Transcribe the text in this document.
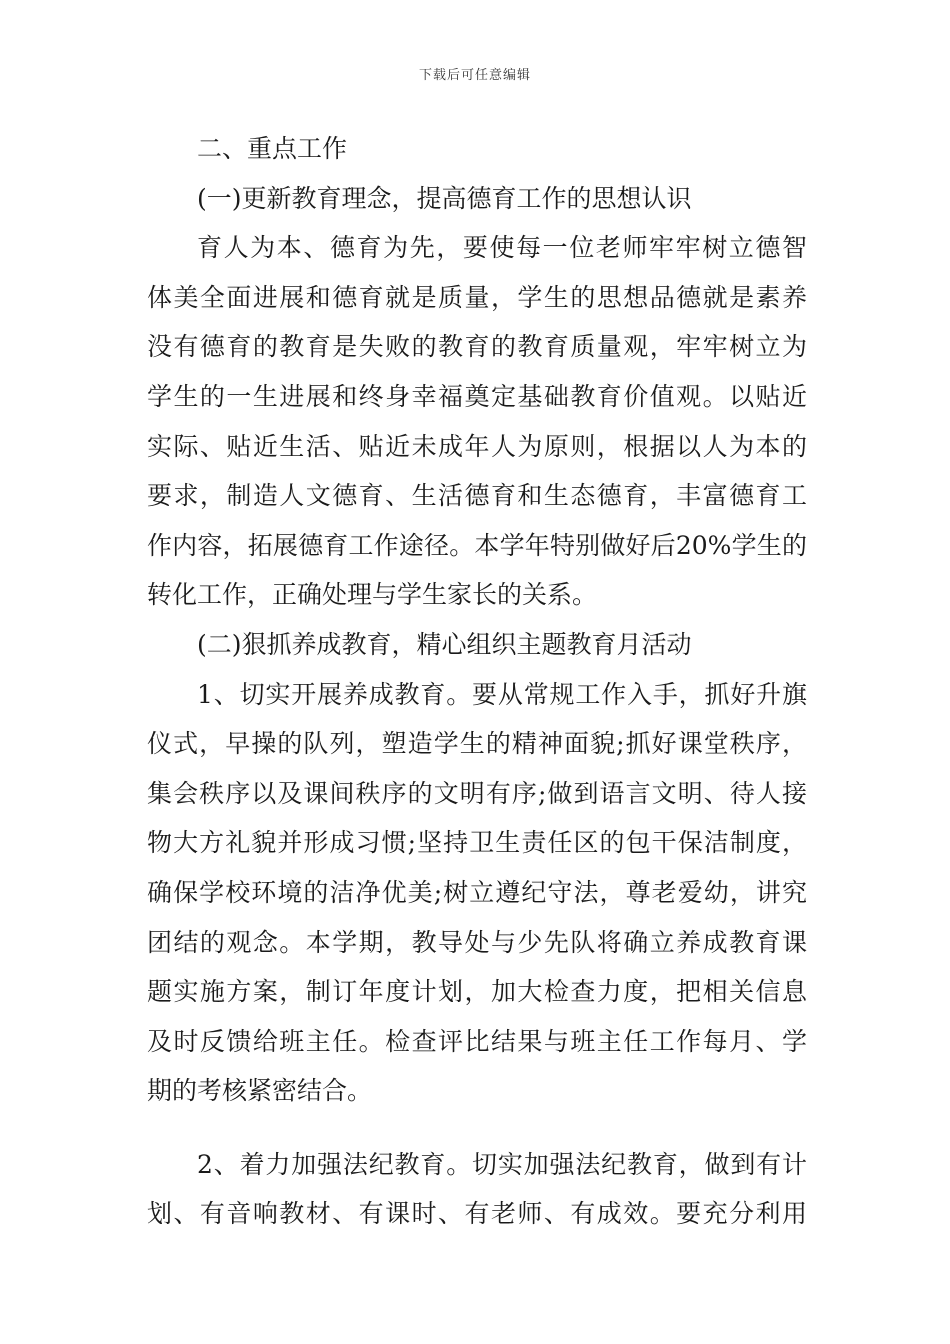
下载后可任意编辑
二、重点工作
(一)更新教育理念，提高德育工作的思想认识
育人为本、德育为先，要使每一位老师牢牢树立德智
体美全面进展和德育就是质量，学生的思想品德就是素养
没有德育的教育是失败的教育的教育质量观，牢牢树立为
学生的一生进展和终身幸福奠定基础教育价值观。以贴近
实际、贴近生活、贴近未成年人为原则，根据以人为本的
要求，制造人文德育、生活德育和生态德育，丰富德育工
作内容，拓展德育工作途径。本学年特别做好后20%学生的
转化工作，正确处理与学生家长的关系。
(二)狠抓养成教育，精心组织主题教育月活动
1、切实开展养成教育。要从常规工作入手，抓好升旗
仪式，早操的队列，塑造学生的精神面貌;抓好课堂秩序，
集会秩序以及课间秩序的文明有序;做到语言文明、待人接
物大方礼貌并形成习惯;坚持卫生责任区的包干保洁制度，
确保学校环境的洁净优美;树立遵纪守法，尊老爱幼，讲究
团结的观念。本学期，教导处与少先队将确立养成教育课
题实施方案，制订年度计划，加大检查力度，把相关信息
及时反馈给班主任。检查评比结果与班主任工作每月、学
期的考核紧密结合。
2、着力加强法纪教育。切实加强法纪教育，做到有计
划、有音响教材、有课时、有老师、有成效。要充分利用
